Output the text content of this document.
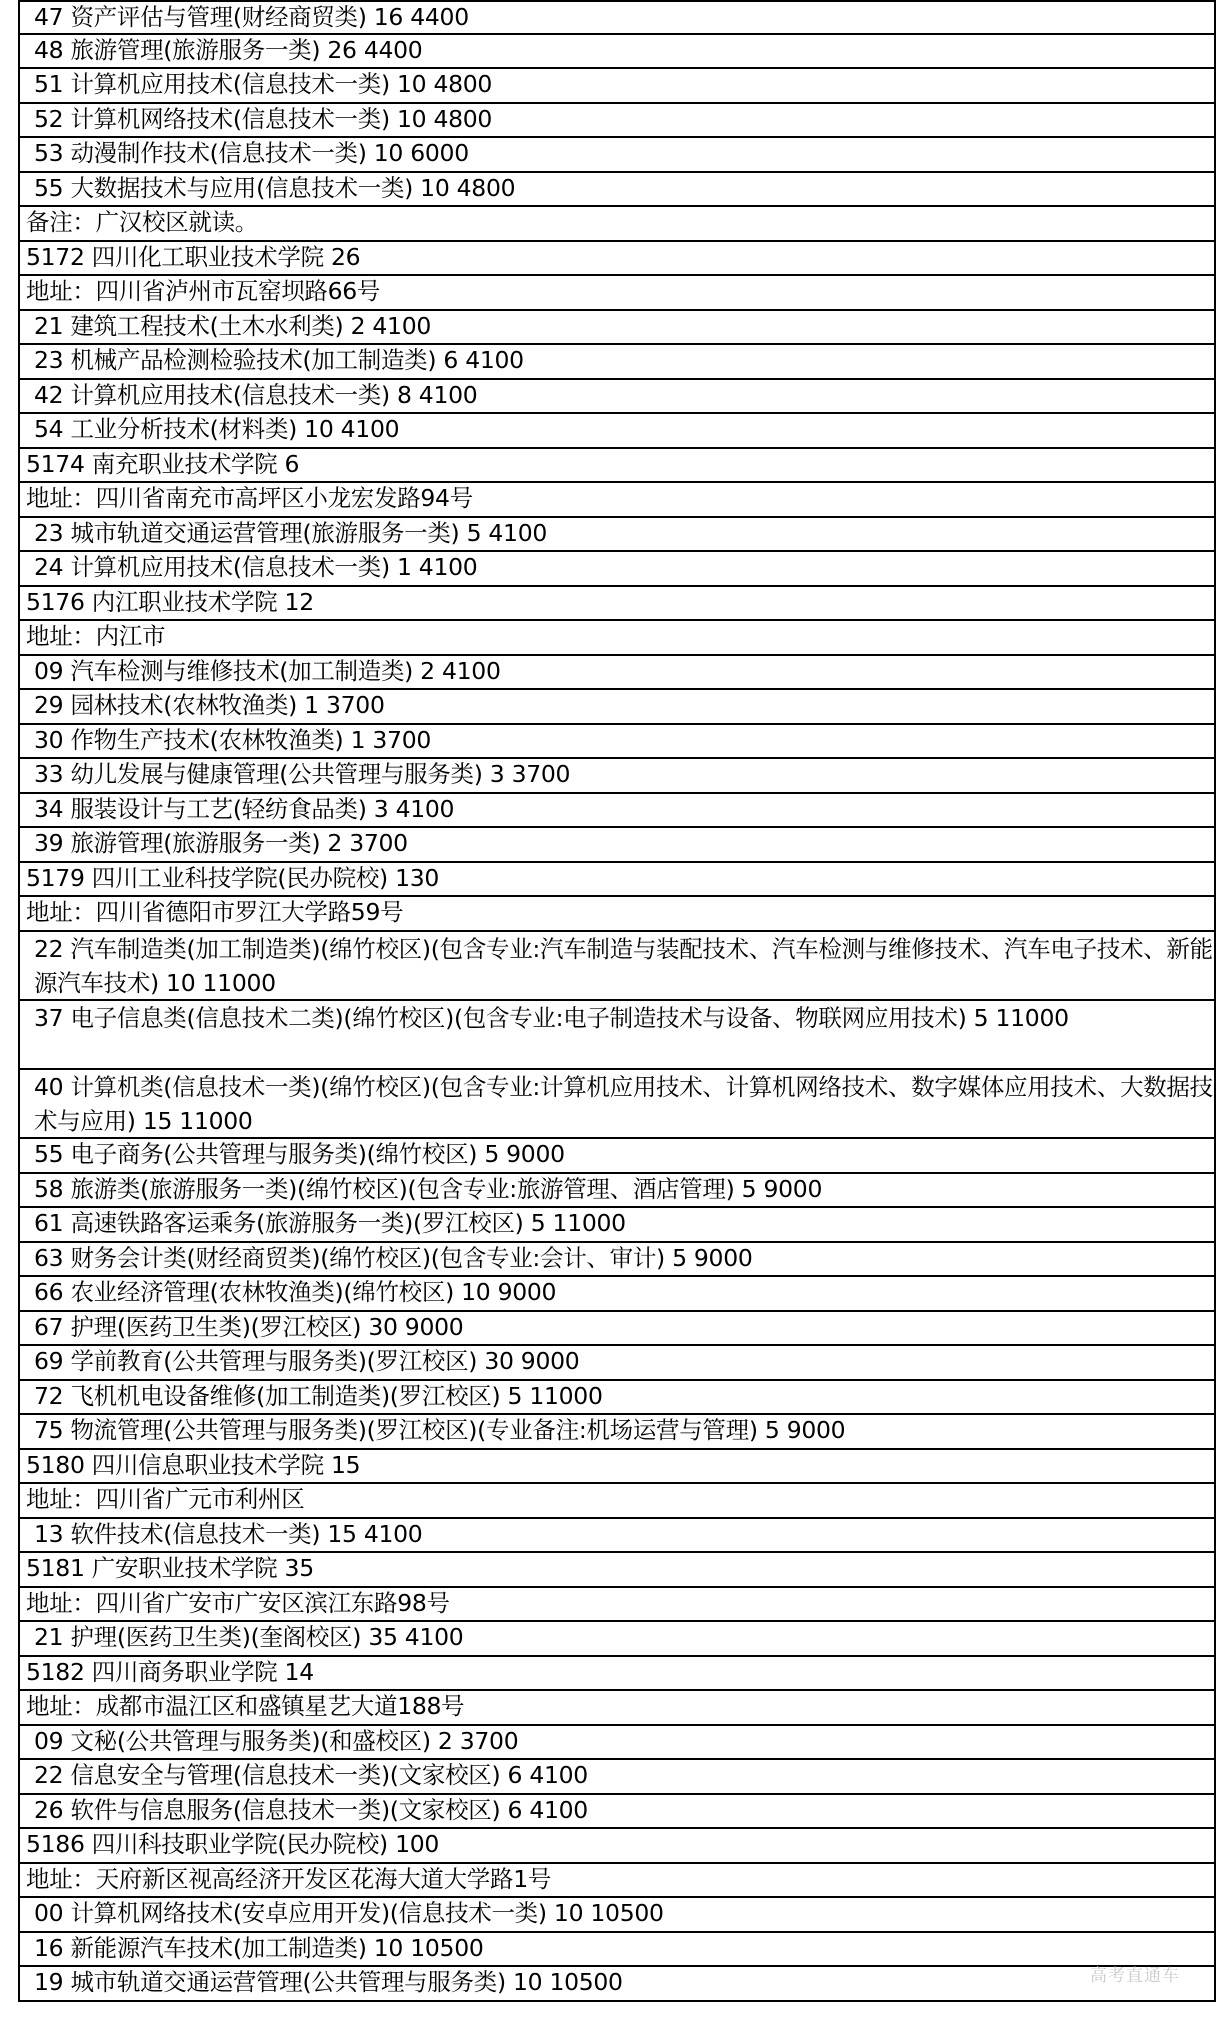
47 资产评估与管理(财经商贸类) 16 4400
48 旅游管理(旅游服务一类) 26 4400
51 计算机应用技术(信息技术一类) 10 4800
52 计算机网络技术(信息技术一类) 10 4800
53 动漫制作技术(信息技术一类) 10 6000
55 大数据技术与应用(信息技术一类) 10 4800
备注：广汉校区就读。
5172 四川化工职业技术学院 26
地址：四川省泸州市瓦窑坝路66号
21 建筑工程技术(土木水利类) 2 4100
23 机械产品检测检验技术(加工制造类) 6 4100
42 计算机应用技术(信息技术一类) 8 4100
54 工业分析技术(材料类) 10 4100
5174 南充职业技术学院 6
地址：四川省南充市高坪区小龙宏发路94号
23 城市轨道交通运营管理(旅游服务一类) 5 4100
24 计算机应用技术(信息技术一类) 1 4100
5176 内江职业技术学院 12
地址：内江市
09 汽车检测与维修技术(加工制造类) 2 4100
29 园林技术(农林牧渔类) 1 3700
30 作物生产技术(农林牧渔类) 1 3700
33 幼儿发展与健康管理(公共管理与服务类) 3 3700
34 服装设计与工艺(轻纺食品类) 3 4100
39 旅游管理(旅游服务一类) 2 3700
5179 四川工业科技学院(民办院校) 130
地址：四川省德阳市罗江大学路59号
22 汽车制造类(加工制造类)(绵竹校区)(包含专业:汽车制造与装配技术、汽车检测与维修技术、汽车电子技术、新能源汽车技术) 10 11000
37 电子信息类(信息技术二类)(绵竹校区)(包含专业:电子制造技术与设备、物联网应用技术) 5 11000
40 计算机类(信息技术一类)(绵竹校区)(包含专业:计算机应用技术、计算机网络技术、数字媒体应用技术、大数据技术与应用) 15 11000
55 电子商务(公共管理与服务类)(绵竹校区) 5 9000
58 旅游类(旅游服务一类)(绵竹校区)(包含专业:旅游管理、酒店管理) 5 9000
61 高速铁路客运乘务(旅游服务一类)(罗江校区) 5 11000
63 财务会计类(财经商贸类)(绵竹校区)(包含专业:会计、审计) 5 9000
66 农业经济管理(农林牧渔类)(绵竹校区) 10 9000
67 护理(医药卫生类)(罗江校区) 30 9000
69 学前教育(公共管理与服务类)(罗江校区) 30 9000
72 飞机机电设备维修(加工制造类)(罗江校区) 5 11000
75 物流管理(公共管理与服务类)(罗江校区)(专业备注:机场运营与管理) 5 9000
5180 四川信息职业技术学院 15
地址：四川省广元市利州区
13 软件技术(信息技术一类) 15 4100
5181 广安职业技术学院 35
地址：四川省广安市广安区滨江东路98号
21 护理(医药卫生类)(奎阁校区) 35 4100
5182 四川商务职业学院 14
地址：成都市温江区和盛镇星艺大道188号
09 文秘(公共管理与服务类)(和盛校区) 2 3700
22 信息安全与管理(信息技术一类)(文家校区) 6 4100
26 软件与信息服务(信息技术一类)(文家校区) 6 4100
5186 四川科技职业学院(民办院校) 100
地址：天府新区视高经济开发区花海大道大学路1号
00 计算机网络技术(安卓应用开发)(信息技术一类) 10 10500
16 新能源汽车技术(加工制造类) 10 10500
19 城市轨道交通运营管理(公共管理与服务类) 10 10500	高考直通车
